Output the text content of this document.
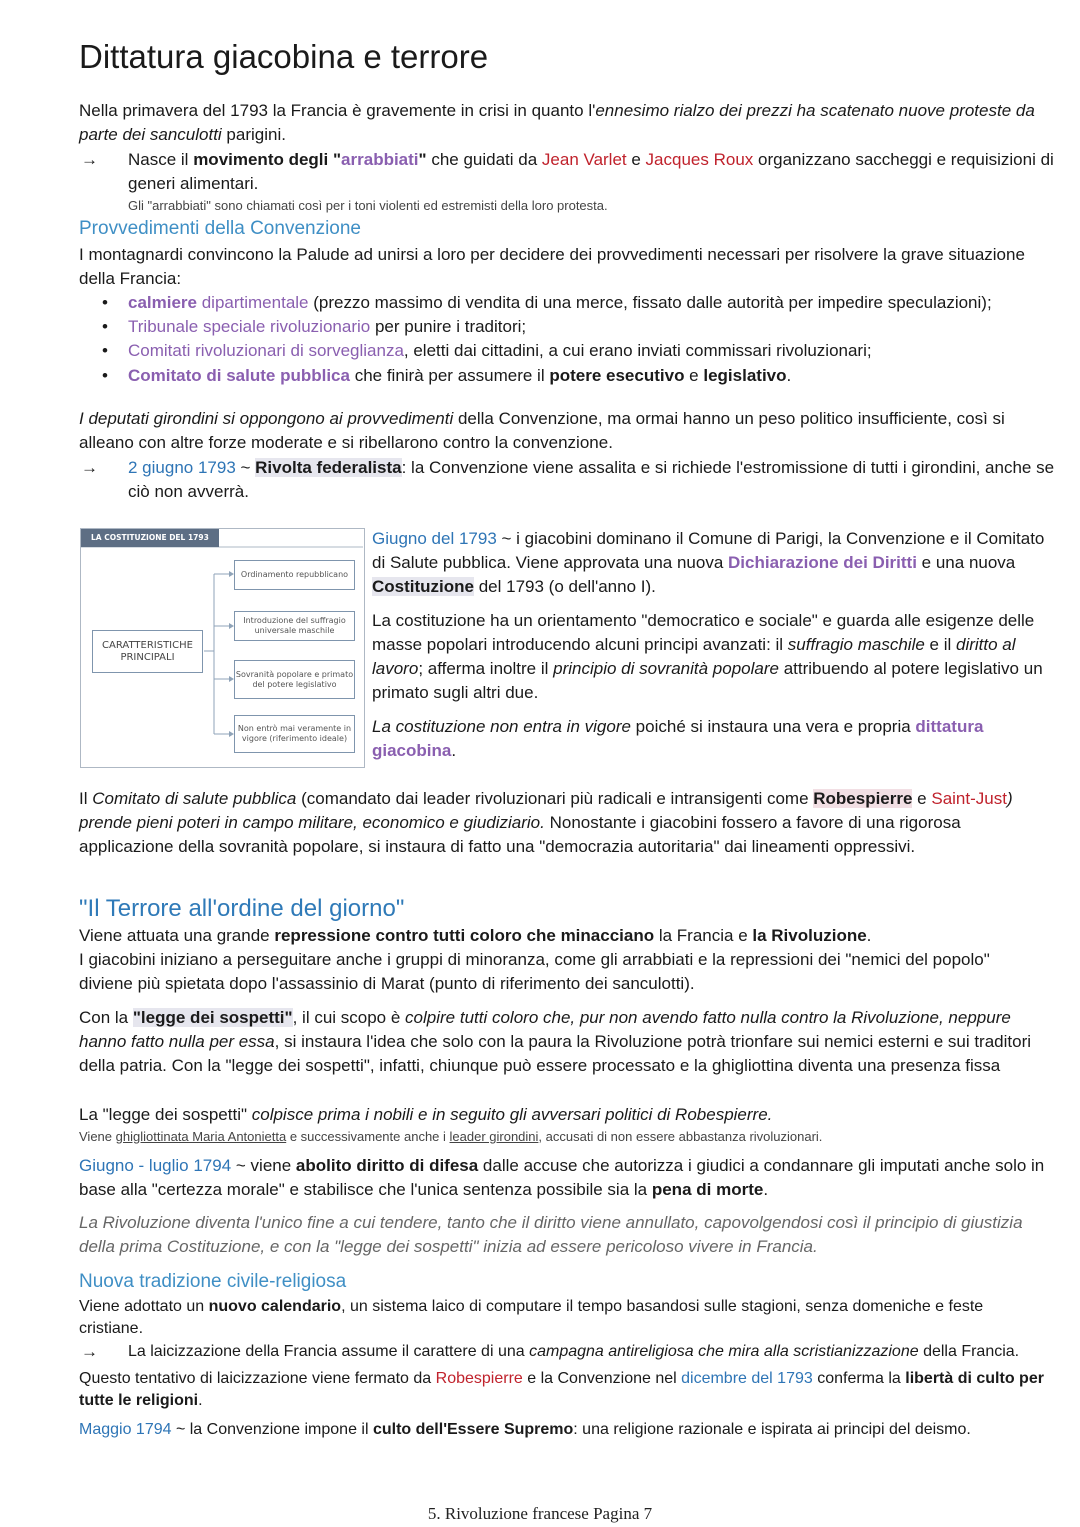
Dittatura giacobina e terrore

Nella primavera del 1793 la Francia è gravemente in crisi in quanto l'ennesimo rialzo dei prezzi ha scatenato nuove proteste da parte dei sanculotti parigini.

→ Nasce il movimento degli "arrabbiati" che guidati da Jean Varlet e Jacques Roux organizzano saccheggi e requisizioni di generi alimentari.

Gli "arrabbiati" sono chiamati così per i toni violenti ed estremisti della loro protesta.

Provvedimenti della Convenzione

I montagnardi convincono la Palude ad unirsi a loro per decidere dei provvedimenti necessari per risolvere la grave situazione della Francia:

• calmiere dipartimentale (prezzo massimo di vendita di una merce, fissato dalle autorità per impedire speculazioni);

• Tribunale speciale rivoluzionario per punire i traditori;

• Comitati rivoluzionari di sorveglianza, eletti dai cittadini, a cui erano inviati commissari rivoluzionari;

• Comitato di salute pubblica che finirà per assumere il potere esecutivo e legislativo.

I deputati girondini si oppongono ai provvedimenti della Convenzione, ma ormai hanno un peso politico insufficiente, così si alleano con altre forze moderate e si ribellarono contro la convenzione.

→ 2 giugno 1793 ~ Rivolta federalista: la Convenzione viene assalita e si richiede l'estromissione di tutti i girondini, anche se ciò non avverrà.

LA COSTITUZIONE DEL 1793
CARATTERISTICHE PRINCIPALI
Ordinamento repubblicano
Introduzione del suffragio universale maschile
Sovranità popolare e primato del potere legislativo
Non entrò mai veramente in vigore (riferimento ideale)

Giugno del 1793 ~ i giacobini dominano il Comune di Parigi, la Convenzione e il Comitato di Salute pubblica. Viene approvata una nuova Dichiarazione dei Diritti e una nuova Costituzione del 1793 (o dell'anno I).

La costituzione ha un orientamento "democratico e sociale" e guarda alle esigenze delle masse popolari introducendo alcuni principi avanzati: il suffragio maschile e il diritto al lavoro; afferma inoltre il principio di sovranità popolare attribuendo al potere legislativo un primato sugli altri due.

La costituzione non entra in vigore poiché si instaura una vera e propria dittatura giacobina.

Il Comitato di salute pubblica (comandato dai leader rivoluzionari più radicali e intransigenti come Robespierre e Saint-Just) prende pieni poteri in campo militare, economico e giudiziario. Nonostante i giacobini fossero a favore di una rigorosa applicazione della sovranità popolare, si instaura di fatto una "democrazia autoritaria" dai lineamenti oppressivi.

"Il Terrore all'ordine del giorno"

Viene attuata una grande repressione contro tutti coloro che minacciano la Francia e la Rivoluzione.

I giacobini iniziano a perseguitare anche i gruppi di minoranza, come gli arrabbiati e la repressioni dei "nemici del popolo" diviene più spietata dopo l'assassinio di Marat (punto di riferimento dei sanculotti).

Con la "legge dei sospetti", il cui scopo è colpire tutti coloro che, pur non avendo fatto nulla contro la Rivoluzione, neppure hanno fatto nulla per essa, si instaura l'idea che solo con la paura la Rivoluzione potrà trionfare sui nemici esterni e sui traditori della patria. Con la "legge dei sospetti", infatti, chiunque può essere processato e la ghigliottina diventa una presenza fissa

La "legge dei sospetti" colpisce prima i nobili e in seguito gli avversari politici di Robespierre.

Viene ghigliottinata Maria Antonietta e successivamente anche i leader girondini, accusati di non essere abbastanza rivoluzionari.

Giugno - luglio 1794 ~ viene abolito diritto di difesa dalle accuse che autorizza i giudici a condannare gli imputati anche solo in base alla "certezza morale" e stabilisce che l'unica sentenza possibile sia la pena di morte.

La Rivoluzione diventa l'unico fine a cui tendere, tanto che il diritto viene annullato, capovolgendosi così il principio di giustizia della prima Costituzione, e con la "legge dei sospetti" inizia ad essere pericoloso vivere in Francia.

Nuova tradizione civile-religiosa

Viene adottato un nuovo calendario, un sistema laico di computare il tempo basandosi sulle stagioni, senza domeniche e feste cristiane.

→ La laicizzazione della Francia assume il carattere di una campagna antireligiosa che mira alla scristianizzazione della Francia.

Questo tentativo di laicizzazione viene fermato da Robespierre e la Convenzione nel dicembre del 1793 conferma la libertà di culto per tutte le religioni.

Maggio 1794 ~ la Convenzione impone il culto dell'Essere Supremo: una religione razionale e ispirata ai principi del deismo.

5. Rivoluzione francese Pagina 7
